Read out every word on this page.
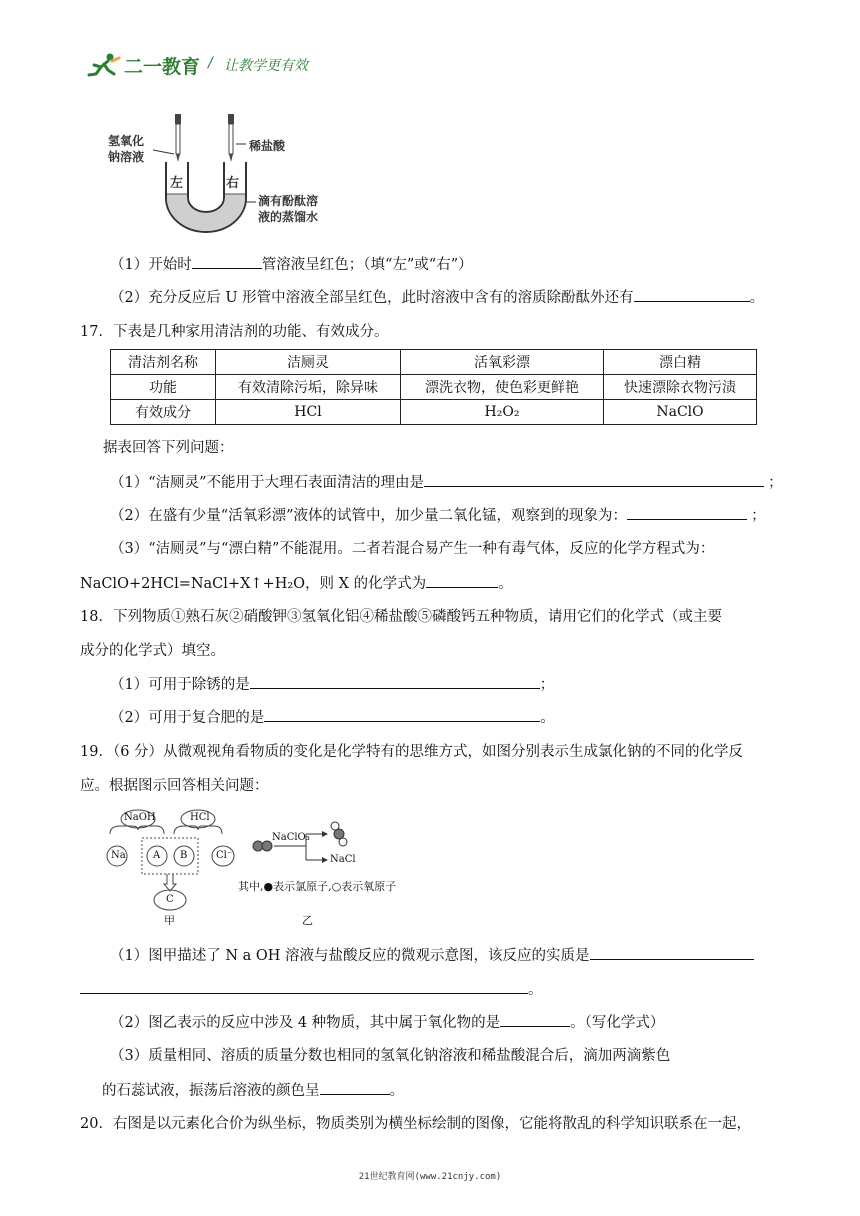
二一教育 / 让教学更有效
氢氧化
钠溶液
稀盐酸
左	右
滴有酚酞溶
液的蒸馏水
（1）开始时	管溶液呈红色；（填“左”或“右”）
（2）充分反应后 U 形管中溶液全部呈红色，此时溶液中含有的溶质除酚酞外还有	。
17．下表是几种家用清洁剂的功能、有效成分。
清洁剂名称	洁厕灵	活氧彩漂	漂白精
功能	有效清除污垢，除异味	漂洗衣物，使色彩更鲜艳	快速漂除衣物污渍
有效成分	HCl	H₂O₂	NaClO
据表回答下列问题：
（1）“洁厕灵”不能用于大理石表面清洁的理由是	；
（2）在盛有少量“活氧彩漂”液体的试管中，加少量二氧化锰，观察到的现象为：	；
（3）“洁厕灵”与“漂白精”不能混用。二者若混合易产生一种有毒气体，反应的化学方程式为：
NaClO+2HCl=NaCl+X↑+H₂O，则 X 的化学式为	。
18．下列物质①熟石灰②硝酸钾③氢氧化铝④稀盐酸⑤磷酸钙五种物质，请用它们的化学式（或主要
成分的化学式）填空。
（1）可用于除锈的是	；
（2）可用于复合肥的是	。
19．（6 分）从微观视角看物质的变化是化学特有的思维方式，如图分别表示生成氯化钠的不同的化学反
应。根据图示回答相关问题：
NaOH	HCl
Na	A B	Cl⁻
C
甲
NaClO₃
NaCl
其中,●表示氯原子,○表示氧原子
乙
（1）图甲描述了 N a OH 溶液与盐酸反应的微观示意图，该反应的实质是
。
（2）图乙表示的反应中涉及 4 种物质，其中属于氧化物的是	。（写化学式）
（3）质量相同、溶质的质量分数也相同的氢氧化钠溶液和稀盐酸混合后，滴加两滴紫色
的石蕊试液，振荡后溶液的颜色呈	。
20．右图是以元素化合价为纵坐标，物质类别为横坐标绘制的图像，它能将散乱的科学知识联系在一起，
21世纪教育网(www.21cnjy.com)
